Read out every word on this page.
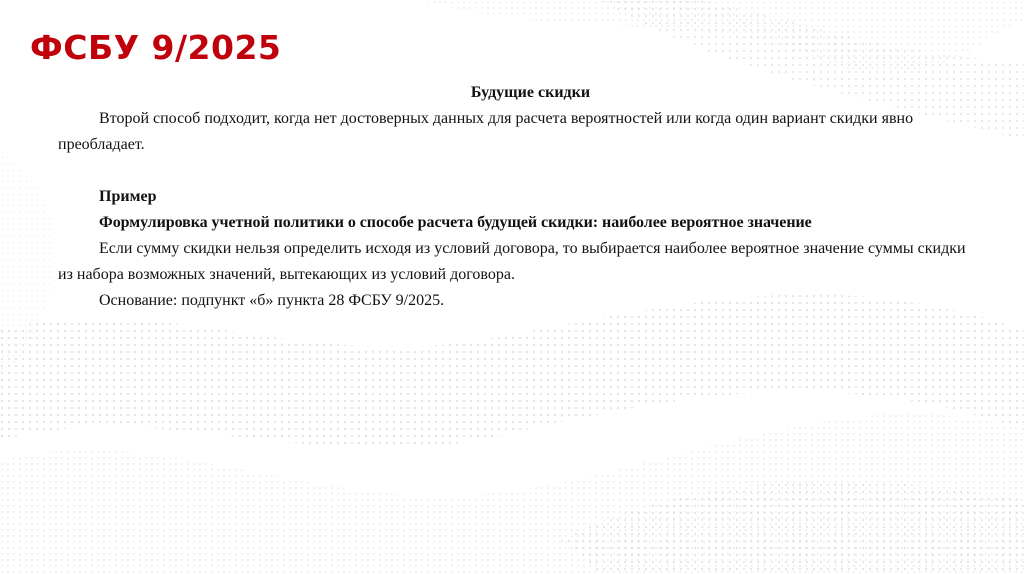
ФСБУ 9/2025

Будущие скидки

Второй способ подходит, когда нет достоверных данных для расчета вероятностей или когда один вариант скидки явно преобладает.

Пример

Формулировка учетной политики о способе расчета будущей скидки: наиболее вероятное значение

Если сумму скидки нельзя определить исходя из условий договора, то выбирается наиболее вероятное значение суммы скидки из набора возможных значений, вытекающих из условий договора.

Основание: подпункт «б» пункта 28 ФСБУ 9/2025.
